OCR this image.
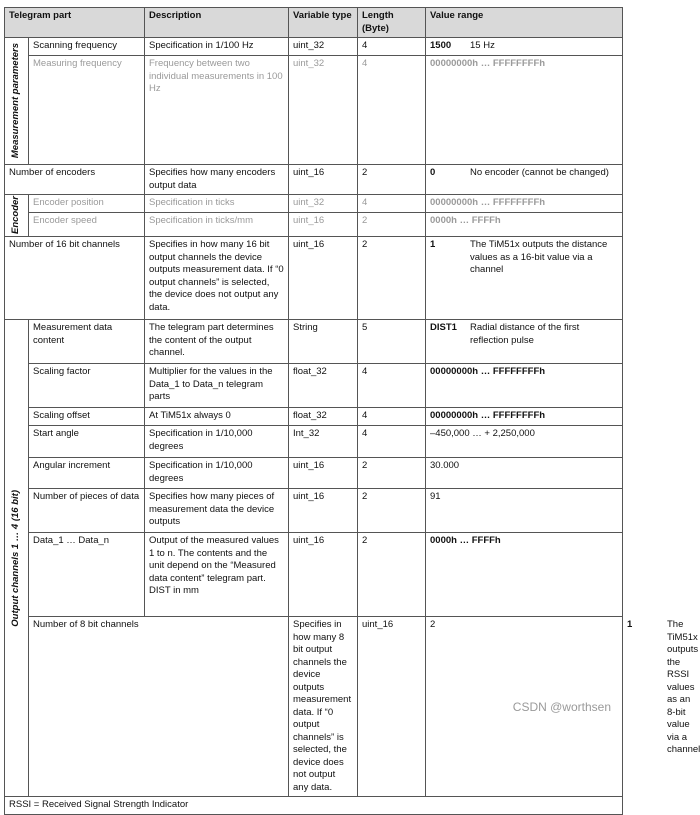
Telegram part		Description	Variable type	Length (Byte)	Value range	

Measurement parameters	Scanning frequency	Specification in 1/100 Hz	uint_32	4	1500 15 Hz	

	Measuring frequency	Frequency between two individual measurements in 100 Hz	uint_32	4	00000000h … FFFFFFFFh	
Number of encoders		Specifies how many encoders output data	uint_16	2	0 No encoder (cannot be changed)	

Encoder	Encoder position	Specification in ticks	uint_32	4	00000000h … FFFFFFFFh	
	Encoder speed	Specification in ticks/mm	uint_16	2	0000h … FFFFh	
Number of 16 bit channels		Specifies in how many 16 bit output channels the device outputs measurement data. If “0 output channels” is selected, the device does not output any data.	uint_16	2	1 The TiM51x outputs the distance values as a 16-bit value via a channel	

Output channels 1 … 4 (16 bit)	Measurement data content	The telegram part determines the content of the output channel.	String	5	DIST1 Radial distance of the first reflection pulse	

	Scaling factor	Multiplier for the values in the Data_1 to Data_n telegram parts	float_32	4	00000000h … FFFFFFFFh	
	Scaling offset	At TiM51x always 0	float_32	4	00000000h … FFFFFFFFh	
	Start angle	Specification in 1/10,000 degrees	Int_32	4	–450,000 … + 2,250,000	
	Angular increment	Specification in 1/10,000 degrees	uint_16	2	30.000	
	Number of pieces of data	Specifies how many pieces of measurement data the device outputs	uint_16	2	91	
	Data_1 … Data_n	Output of the measured values 1 to n. The contents and the unit depend on the “Measured data content” telegram part. DIST in mm	uint_16	2	0000h … FFFFh	
	Number of 8 bit channels		Specifies in how many 8 bit output channels the device outputs measurement data. If “0 output channels” is selected, the device does not output any data.	uint_16	2	1 The TiM51x outputs the RSSI values as an 8-bit value via a channel

RSSI = Received Signal Strength Indicator						
CSDN @worthsen
